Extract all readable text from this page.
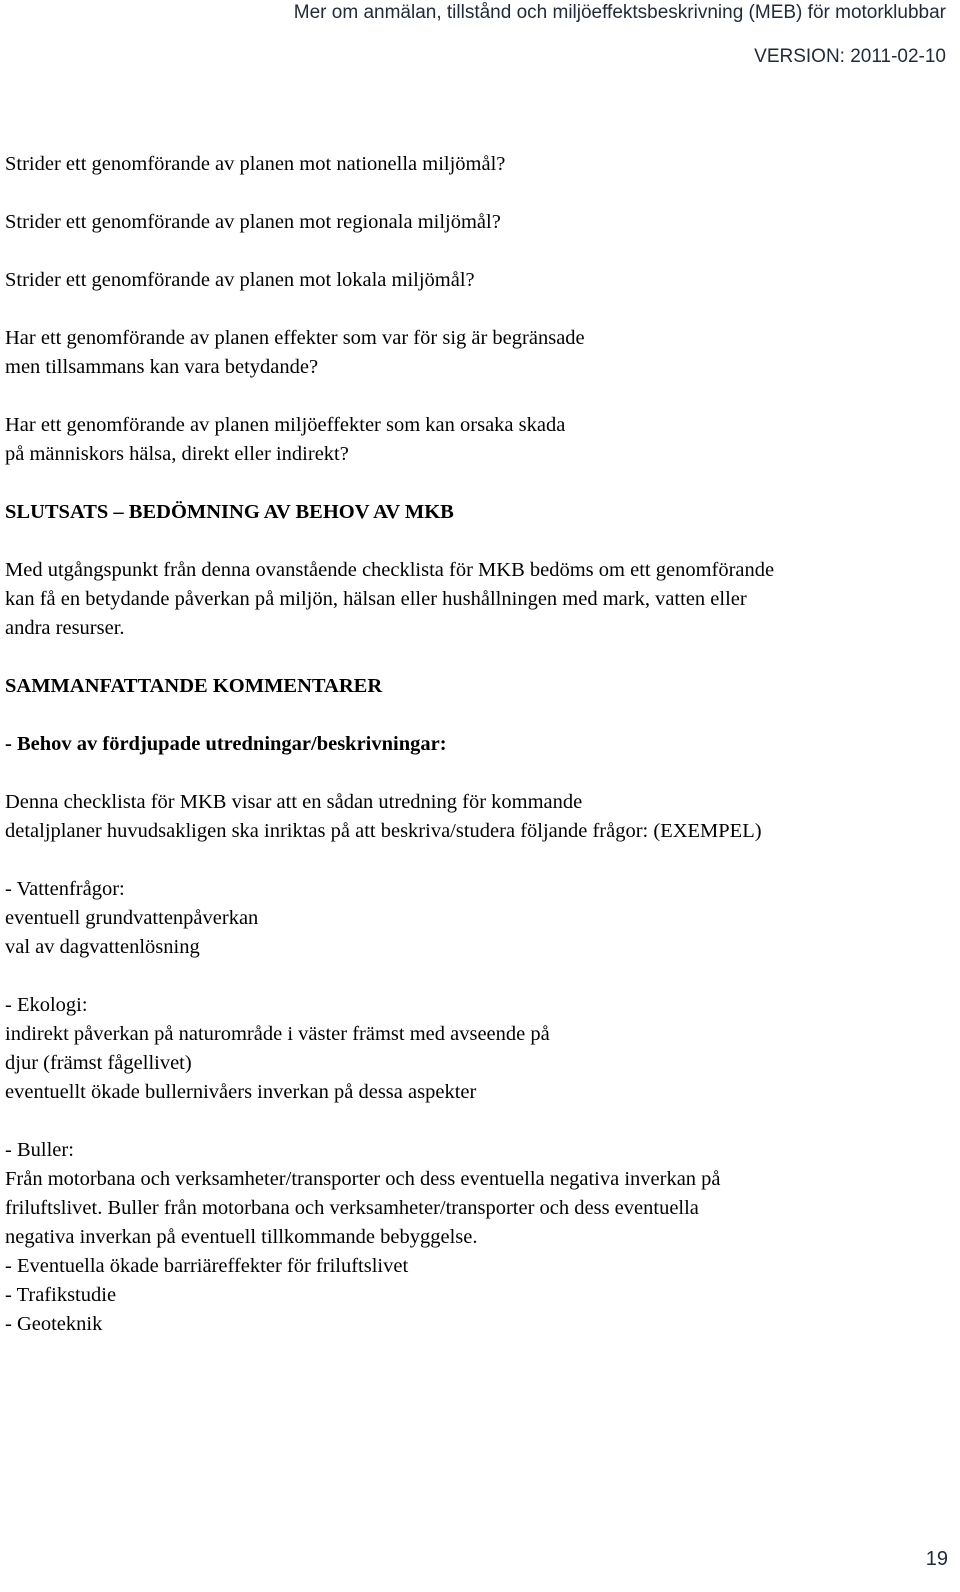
Mer om anmälan, tillstånd och miljöeffektsbeskrivning (MEB) för motorklubbar
VERSION: 2011-02-10

Strider ett genomförande av planen mot nationella miljömål?

Strider ett genomförande av planen mot regionala miljömål?

Strider ett genomförande av planen mot lokala miljömål?

Har ett genomförande av planen effekter som var för sig är begränsade
men tillsammans kan vara betydande?

Har ett genomförande av planen miljöeffekter som kan orsaka skada
på människors hälsa, direkt eller indirekt?

SLUTSATS – BEDÖMNING AV BEHOV AV MKB

Med utgångspunkt från denna ovanstående checklista för MKB bedöms om ett genomförande
kan få en betydande påverkan på miljön, hälsan eller hushållningen med mark, vatten eller
andra resurser.

SAMMANFATTANDE KOMMENTARER

- Behov av fördjupade utredningar/beskrivningar:

Denna checklista för MKB visar att en sådan utredning för kommande
detaljplaner huvudsakligen ska inriktas på att beskriva/studera följande frågor: (EXEMPEL)

- Vattenfrågor:
eventuell grundvattenpåverkan
val av dagvattenlösning

- Ekologi:
indirekt påverkan på naturområde i väster främst med avseende på
djur (främst fågellivet)
eventuellt ökade bullernivåers inverkan på dessa aspekter

- Buller:
Från motorbana och verksamheter/transporter och dess eventuella negativa inverkan på
friluftslivet. Buller från motorbana och verksamheter/transporter och dess eventuella
negativa inverkan på eventuell tillkommande bebyggelse.
- Eventuella ökade barriäreffekter för friluftslivet
- Trafikstudie
- Geoteknik

19
